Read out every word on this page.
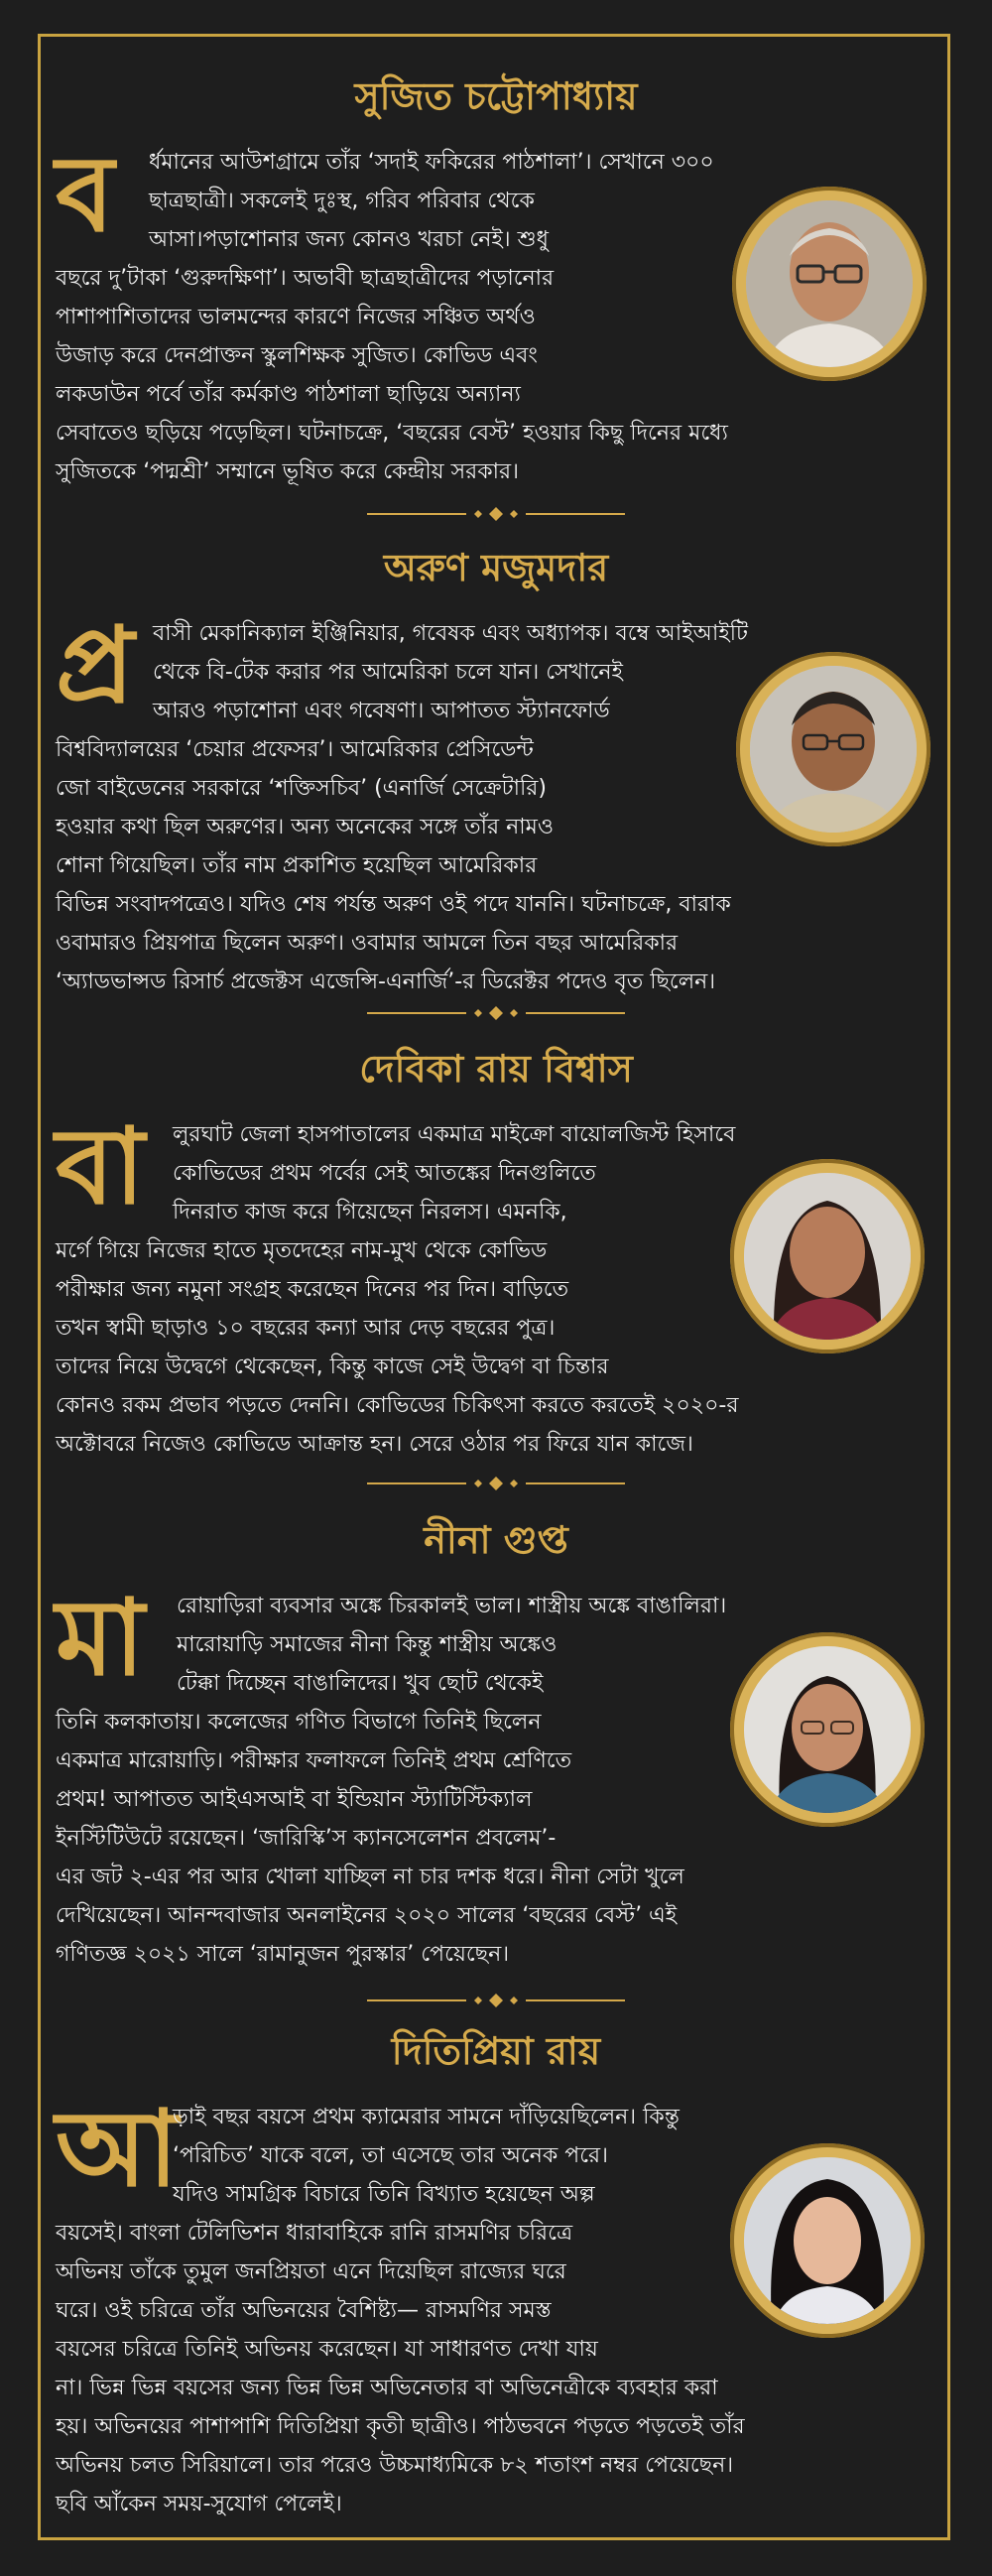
সুজিত চট্টোপাধ্যায়
ব	র্ধমানের আউশগ্রামে তাঁর ‘সদাই ফকিরের পাঠশালা’। সেখানে ৩০০
ছাত্রছাত্রী। সকলেই দুঃস্থ, গরিব পরিবার থেকে
আসা।পড়াশোনার জন্য কোনও খরচা নেই। শুধু
বছরে দু’টাকা ‘গুরুদক্ষিণা’। অভাবী ছাত্রছাত্রীদের পড়ানোর
পাশাপাশিতাদের ভালমন্দের কারণে নিজের সঞ্চিত অর্থও
উজাড় করে দেনপ্রাক্তন স্কুলশিক্ষক সুজিত। কোভিড এবং
লকডাউন পর্বে তাঁর কর্মকাণ্ড পাঠশালা ছাড়িয়ে অন্যান্য
সেবাতেও ছড়িয়ে পড়েছিল। ঘটনাচক্রে, ‘বছরের বেস্ট’ হওয়ার কিছু দিনের মধ্যে
সুজিতকে ‘পদ্মশ্রী’ সম্মানে ভূষিত করে কেন্দ্রীয় সরকার।
অরুণ মজুমদার
প্র বাসী মেকানিক্যাল ইঞ্জিনিয়ার, গবেষক এবং অধ্যাপক। বম্বে আইআইটি
থেকে বি-টেক করার পর আমেরিকা চলে যান। সেখানেই
আরও পড়াশোনা এবং গবেষণা। আপাতত স্ট্যানফোর্ড
বিশ্ববিদ্যালয়ের ‘চেয়ার প্রফেসর’। আমেরিকার প্রেসিডেন্ট
জো বাইডেনের সরকারে ‘শক্তিসচিব’ (এনার্জি সেক্রেটারি)
হওয়ার কথা ছিল অরুণের। অন্য অনেকের সঙ্গে তাঁর নামও
শোনা গিয়েছিল। তাঁর নাম প্রকাশিত হয়েছিল আমেরিকার
বিভিন্ন সংবাদপত্রেও। যদিও শেষ পর্যন্ত অরুণ ওই পদে যাননি। ঘটনাচক্রে, বারাক
ওবামারও প্রিয়পাত্র ছিলেন অরুণ। ওবামার আমলে তিন বছর আমেরিকার
‘অ্যাডভান্সড রিসার্চ প্রজেক্টস এজেন্সি-এনার্জি’-র ডিরেক্টর পদেও বৃত ছিলেন।
দেবিকা রায় বিশ্বাস
বা	লুরঘাট জেলা হাসপাতালের একমাত্র মাইক্রো বায়োলজিস্ট হিসাবে
কোভিডের প্রথম পর্বের সেই আতঙ্কের দিনগুলিতে
দিনরাত কাজ করে গিয়েছেন নিরলস। এমনকি,
মর্গে গিয়ে নিজের হাতে মৃতদেহের নাম-মুখ থেকে কোভিড
পরীক্ষার জন্য নমুনা সংগ্রহ করেছেন দিনের পর দিন। বাড়িতে
তখন স্বামী ছাড়াও ১০ বছরের কন্যা আর দেড় বছরের পুত্র।
তাদের নিয়ে উদ্বেগে থেকেছেন, কিন্তু কাজে সেই উদ্বেগ বা চিন্তার
কোনও রকম প্রভাব পড়তে দেননি। কোভিডের চিকিৎসা করতে করতেই ২০২০-র
অক্টোবরে নিজেও কোভিডে আক্রান্ত হন। সেরে ওঠার পর ফিরে যান কাজে।
নীনা গুপ্ত
মা	রোয়াড়িরা ব্যবসার অঙ্কে চিরকালই ভাল। শাস্ত্রীয় অঙ্কে বাঙালিরা।
মারোয়াড়ি সমাজের নীনা কিন্তু শাস্ত্রীয় অঙ্কেও
টেক্কা দিচ্ছেন বাঙালিদের। খুব ছোট থেকেই
তিনি কলকাতায়। কলেজের গণিত বিভাগে তিনিই ছিলেন
একমাত্র মারোয়াড়ি। পরীক্ষার ফলাফলে তিনিই প্রথম শ্রেণিতে
প্রথম! আপাতত আইএসআই বা ইন্ডিয়ান স্ট্যাটিস্টিক্যাল
ইনস্টিটিউটে রয়েছেন। ‘জারিস্কি’স ক্যানসেলেশন প্রবলেম’-
এর জট ২-এর পর আর খোলা যাচ্ছিল না চার দশক ধরে। নীনা সেটা খুলে
দেখিয়েছেন। আনন্দবাজার অনলাইনের ২০২০ সালের ‘বছরের বেস্ট’ এই
গণিতজ্ঞ ২০২১ সালে ‘রামানুজন পুরস্কার’ পেয়েছেন।
দিতিপ্রিয়া রায়
আ
ড়াই বছর বয়সে প্রথম ক্যামেরার সামনে দাঁড়িয়েছিলেন। কিন্তু
‘পরিচিত’ যাকে বলে, তা এসেছে তার অনেক পরে।
যদিও সামগ্রিক বিচারে তিনি বিখ্যাত হয়েছেন অল্প
বয়সেই। বাংলা টেলিভিশন ধারাবাহিকে রানি রাসমণির চরিত্রে
অভিনয় তাঁকে তুমুল জনপ্রিয়তা এনে দিয়েছিল রাজ্যের ঘরে
ঘরে। ওই চরিত্রে তাঁর অভিনয়ের বৈশিষ্ট্য— রাসমণির সমস্ত
বয়সের চরিত্রে তিনিই অভিনয় করেছেন। যা সাধারণত দেখা যায়
না। ভিন্ন ভিন্ন বয়সের জন্য ভিন্ন ভিন্ন অভিনেতার বা অভিনেত্রীকে ব্যবহার করা
হয়। অভিনয়ের পাশাপাশি দিতিপ্রিয়া কৃতী ছাত্রীও। পাঠভবনে পড়তে পড়তেই তাঁর
অভিনয় চলত সিরিয়ালে। তার পরেও উচ্চমাধ্যমিকে ৮২ শতাংশ নম্বর পেয়েছেন।
ছবি আঁকেন সময়-সুযোগ পেলেই।
